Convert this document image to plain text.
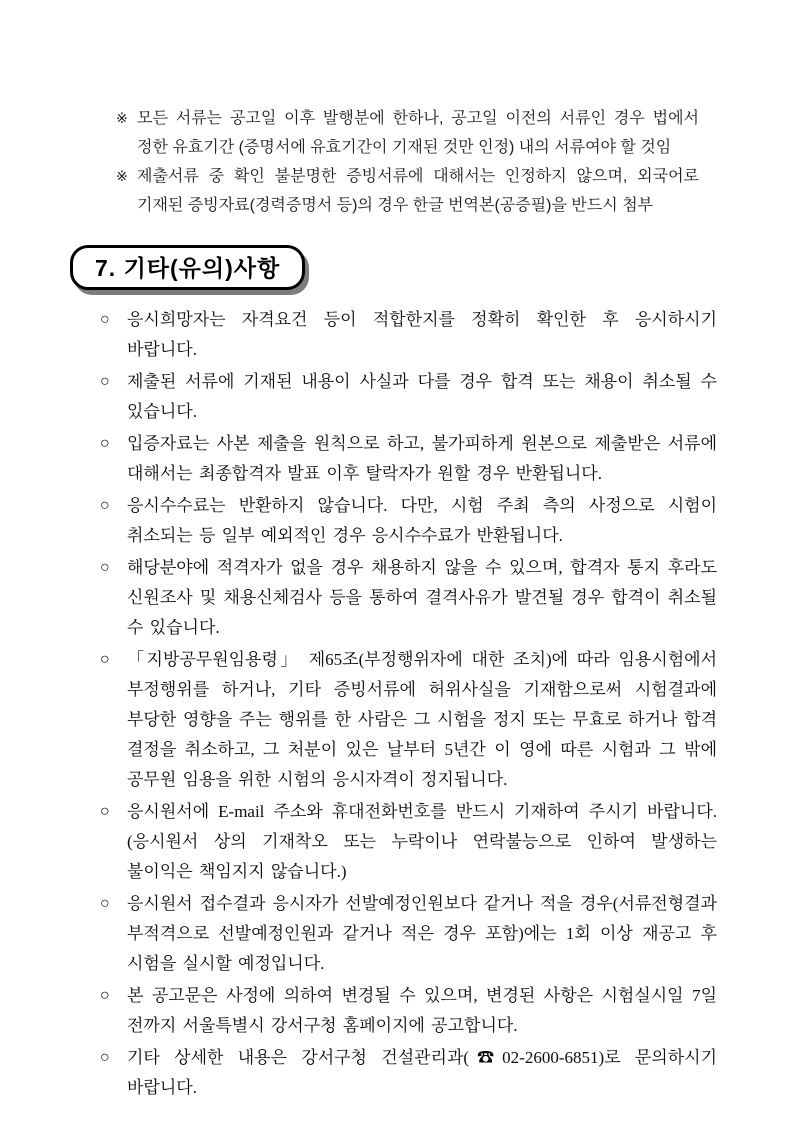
※ 모든 서류는 공고일 이후 발행분에 한하나, 공고일 이전의 서류인 경우 법에서 정한 유효기간 (증명서에 유효기간이 기재된 것만 인정) 내의 서류여야 할 것임
※ 제출서류 중 확인 불분명한 증빙서류에 대해서는 인정하지 않으며, 외국어로 기재된 증빙자료(경력증명서 등)의 경우 한글 번역본(공증필)을 반드시 첨부
7. 기타(유의)사항
○	응시희망자는 자격요건 등이 적합한지를 정확히 확인한 후 응시하시기 바랍니다.
○	제출된 서류에 기재된 내용이 사실과 다를 경우 합격 또는 채용이 취소될 수 있습니다.
○	입증자료는 사본 제출을 원칙으로 하고, 불가피하게 원본으로 제출받은 서류에 대해서는 최종합격자 발표 이후 탈락자가 원할 경우 반환됩니다.
○	응시수수료는 반환하지 않습니다. 다만, 시험 주최 측의 사정으로 시험이 취소되는 등 일부 예외적인 경우 응시수수료가 반환됩니다.
○	해당분야에 적격자가 없을 경우 채용하지 않을 수 있으며, 합격자 통지 후라도 신원조사 및 채용신체검사 등을 통하여 결격사유가 발견될 경우 합격이 취소될 수 있습니다.
○	「지방공무원임용령」 제65조(부정행위자에 대한 조치)에 따라 임용시험에서 부정행위를 하거나, 기타 증빙서류에 허위사실을 기재함으로써 시험결과에 부당한 영향을 주는 행위를 한 사람은 그 시험을 정지 또는 무효로 하거나 합격 결정을 취소하고, 그 처분이 있은 날부터 5년간 이 영에 따른 시험과 그 밖에 공무원 임용을 위한 시험의 응시자격이 정지됩니다.
○	응시원서에 E-mail 주소와 휴대전화번호를 반드시 기재하여 주시기 바랍니다. (응시원서 상의 기재착오 또는 누락이나 연락불능으로 인하여 발생하는 불이익은 책임지지 않습니다.)
○	응시원서 접수결과 응시자가 선발예정인원보다 같거나 적을 경우(서류전형결과 부적격으로 선발예정인원과 같거나 적은 경우 포함)에는 1회 이상 재공고 후 시험을 실시할 예정입니다.
○	본 공고문은 사정에 의하여 변경될 수 있으며, 변경된 사항은 시험실시일 7일 전까지 서울특별시 강서구청 홈페이지에 공고합니다.
○	기타 상세한 내용은 강서구청 건설관리과(☎02-2600-6851)로 문의하시기 바랍니다.
